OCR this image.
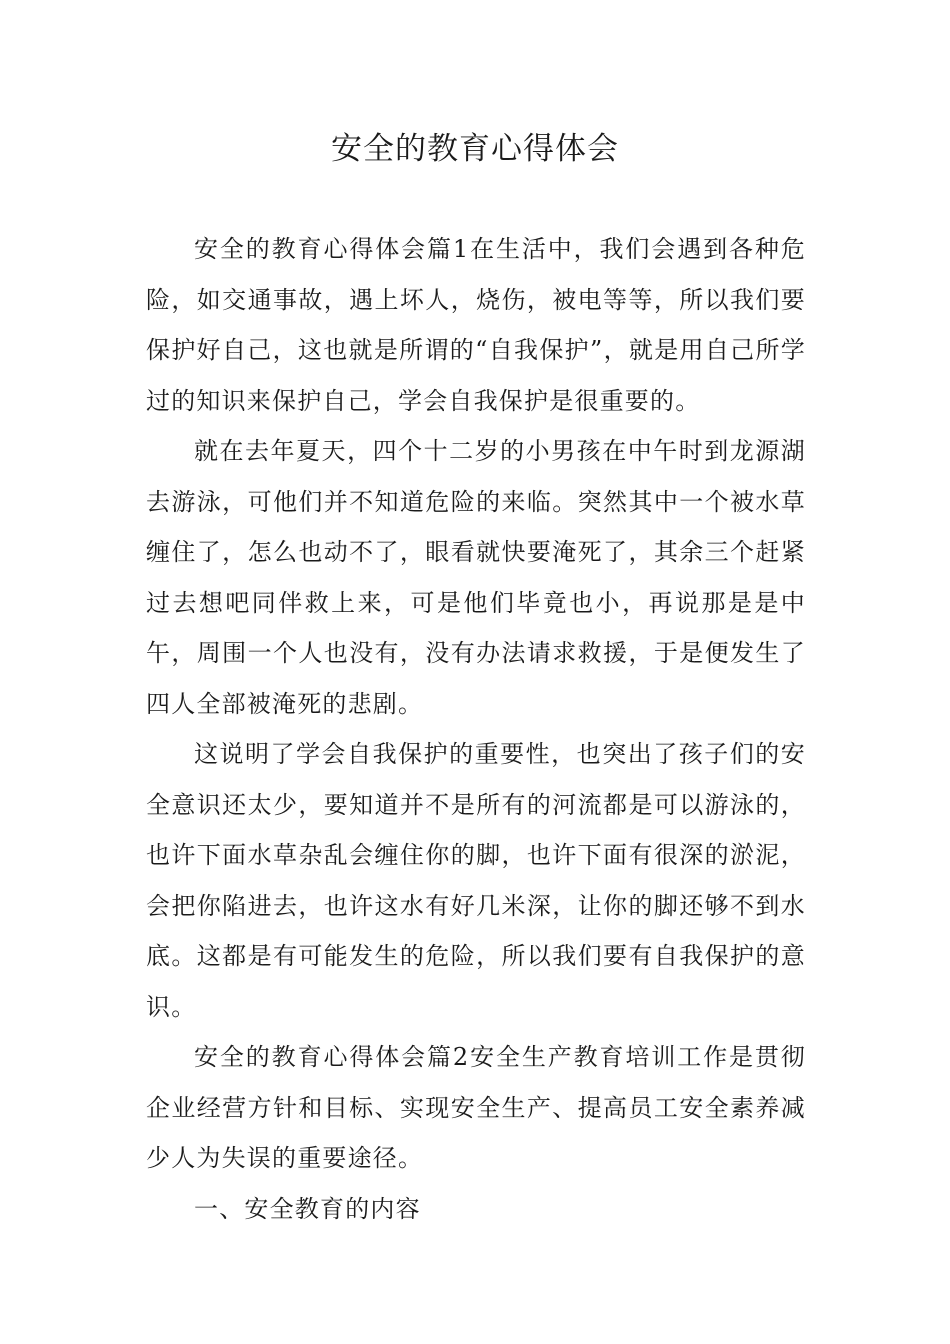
安全的教育心得体会

安全的教育心得体会篇1在生活中，我们会遇到各种危险，如交通事故，遇上坏人，烧伤，被电等等，所以我们要保护好自己，这也就是所谓的“自我保护”，就是用自己所学过的知识来保护自己，学会自我保护是很重要的。

就在去年夏天，四个十二岁的小男孩在中午时到龙源湖去游泳，可他们并不知道危险的来临。突然其中一个被水草缠住了，怎么也动不了，眼看就快要淹死了，其余三个赶紧过去想吧同伴救上来，可是他们毕竟也小，再说那是是中午，周围一个人也没有，没有办法请求救援，于是便发生了四人全部被淹死的悲剧。

这说明了学会自我保护的重要性，也突出了孩子们的安全意识还太少，要知道并不是所有的河流都是可以游泳的，也许下面水草杂乱会缠住你的脚，也许下面有很深的淤泥，会把你陷进去，也许这水有好几米深，让你的脚还够不到水底。这都是有可能发生的危险，所以我们要有自我保护的意识。

安全的教育心得体会篇2安全生产教育培训工作是贯彻企业经营方针和目标、实现安全生产、提高员工安全素养减少人为失误的重要途径。

一、安全教育的内容
